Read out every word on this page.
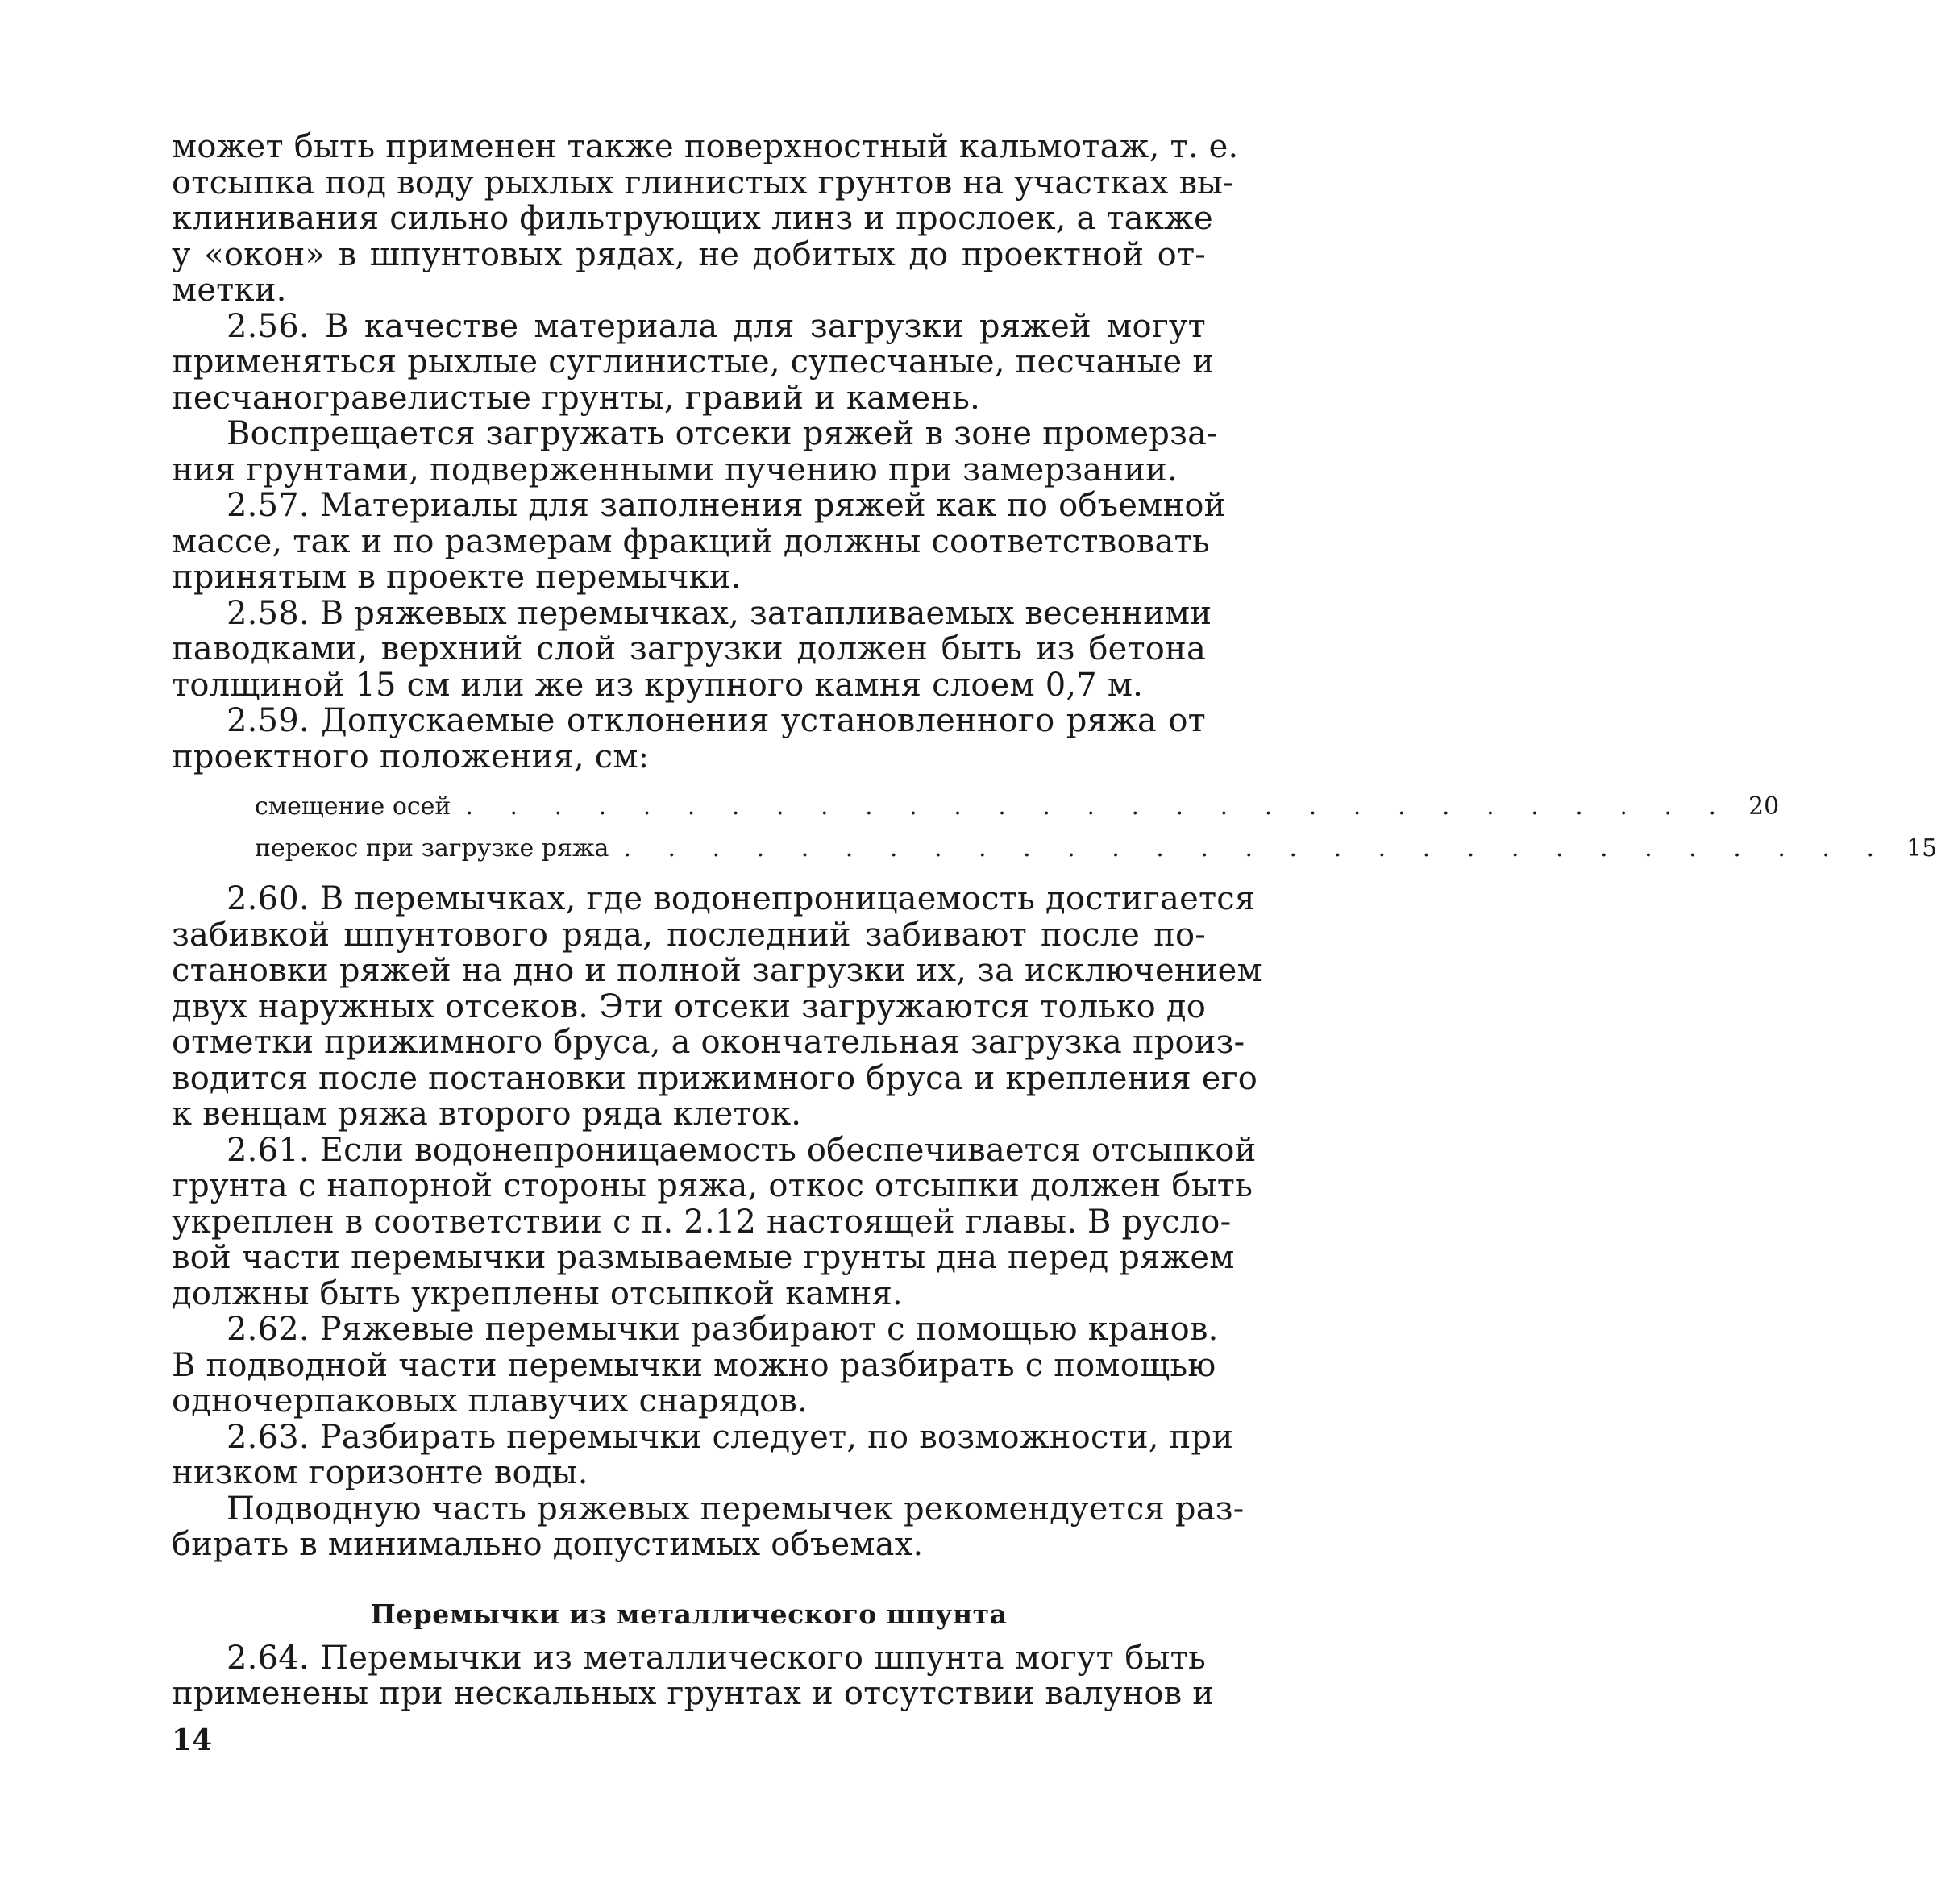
может быть применен также поверхностный кальмотаж, т. е.
отсыпка под воду рыхлых глинистых грунтов на участках вы-
клинивания сильно фильтрующих линз и прослоек, а также
у «окон» в шпунтовых рядах, не добитых до проектной от-
метки.
2.56. В качестве материала для загрузки ряжей могут
применяться рыхлые суглинистые, супесчаные, песчаные и
песчаногравелистые грунты, гравий и камень.
Воспрещается загружать отсеки ряжей в зоне промерза-
ния грунтами, подверженными пучению при замерзании.
2.57. Материалы для заполнения ряжей как по объемной
массе, так и по размерам фракций должны соответствовать
принятым в проекте перемычки.
2.58. В ряжевых перемычках, затапливаемых весенними
паводками, верхний слой загрузки должен быть из бетона
толщиной 15 см или же из крупного камня слоем 0,7 м.
2.59. Допускаемые отклонения установленного ряжа от
проектного положения, см:
смещение осей . . . . . . . . . . . . . . . . . . . . . . . . . . . . . 20
перекос при загрузке ряжа . . . . . . . . . . . . . . . . . . . . . . . . . . . . . 15
2.60. В перемычках, где водонепроницаемость достигается
забивкой шпунтового ряда, последний забивают после по-
становки ряжей на дно и полной загрузки их, за исключением
двух наружных отсеков. Эти отсеки загружаются только до
отметки прижимного бруса, а окончательная загрузка произ-
водится после постановки прижимного бруса и крепления его
к венцам ряжа второго ряда клеток.
2.61. Если водонепроницаемость обеспечивается отсыпкой
грунта с напорной стороны ряжа, откос отсыпки должен быть
укреплен в соответствии с п. 2.12 настоящей главы. В русло-
вой части перемычки размываемые грунты дна перед ряжем
должны быть укреплены отсыпкой камня.
2.62. Ряжевые перемычки разбирают с помощью кранов.
В подводной части перемычки можно разбирать с помощью
одночерпаковых плавучих снарядов.
2.63. Разбирать перемычки следует, по возможности, при
низком горизонте воды.
Подводную часть ряжевых перемычек рекомендуется раз-
бирать в минимально допустимых объемах.
Перемычки из металлического шпунта
2.64. Перемычки из металлического шпунта могут быть
применены при нескальных грунтах и отсутствии валунов и
14
